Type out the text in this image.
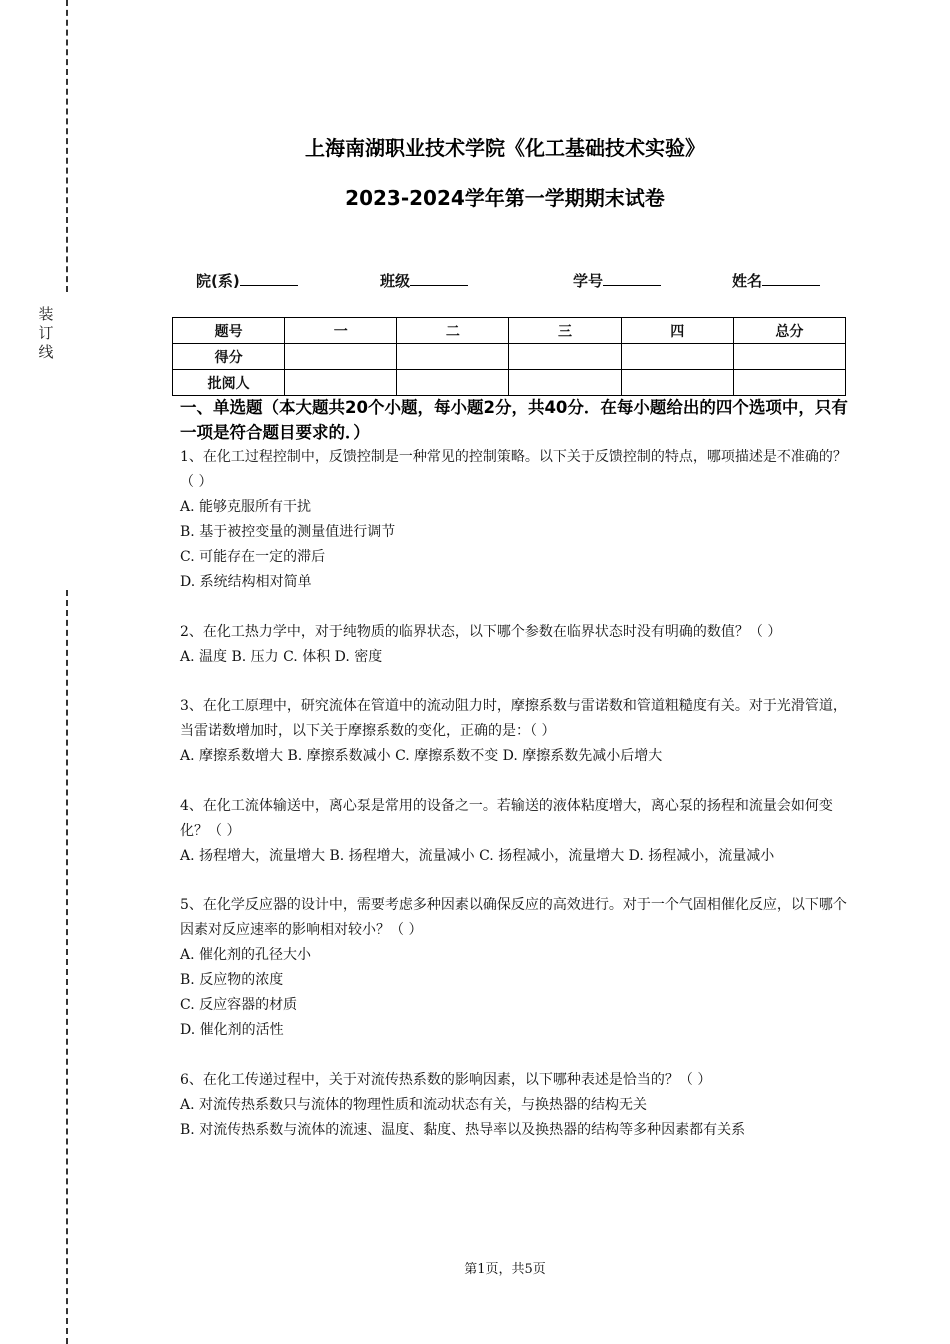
装订线
上海南湖职业技术学院《化工基础技术实验》
2023-2024学年第一学期期末试卷
院(系)	班级	学号	姓名
题号	一	二	三	四	总分
得分					
批阅人					
一、单选题（本大题共20个小题，每小题2分，共40分．在每小题给出的四个选项中，只有一项是符合题目要求的．）
1、在化工过程控制中，反馈控制是一种常见的控制策略。以下关于反馈控制的特点，哪项描述是不准确的？（ ）
A. 能够克服所有干扰
B. 基于被控变量的测量值进行调节
C. 可能存在一定的滞后
D. 系统结构相对简单
2、在化工热力学中，对于纯物质的临界状态，以下哪个参数在临界状态时没有明确的数值？（ ）
A. 温度 B. 压力 C. 体积 D. 密度
3、在化工原理中，研究流体在管道中的流动阻力时，摩擦系数与雷诺数和管道粗糙度有关。对于光滑管道，当雷诺数增加时，以下关于摩擦系数的变化，正确的是：（ ）
A. 摩擦系数增大 B. 摩擦系数减小 C. 摩擦系数不变 D. 摩擦系数先减小后增大
4、在化工流体输送中，离心泵是常用的设备之一。若输送的液体粘度增大，离心泵的扬程和流量会如何变化？（ ）
A. 扬程增大，流量增大 B. 扬程增大，流量减小 C. 扬程减小，流量增大 D. 扬程减小，流量减小
5、在化学反应器的设计中，需要考虑多种因素以确保反应的高效进行。对于一个气固相催化反应，以下哪个因素对反应速率的影响相对较小？（ ）
A. 催化剂的孔径大小
B. 反应物的浓度
C. 反应容器的材质
D. 催化剂的活性
6、在化工传递过程中，关于对流传热系数的影响因素，以下哪种表述是恰当的？（ ）
A. 对流传热系数只与流体的物理性质和流动状态有关，与换热器的结构无关
B. 对流传热系数与流体的流速、温度、黏度、热导率以及换热器的结构等多种因素都有关系
第1页，共5页
